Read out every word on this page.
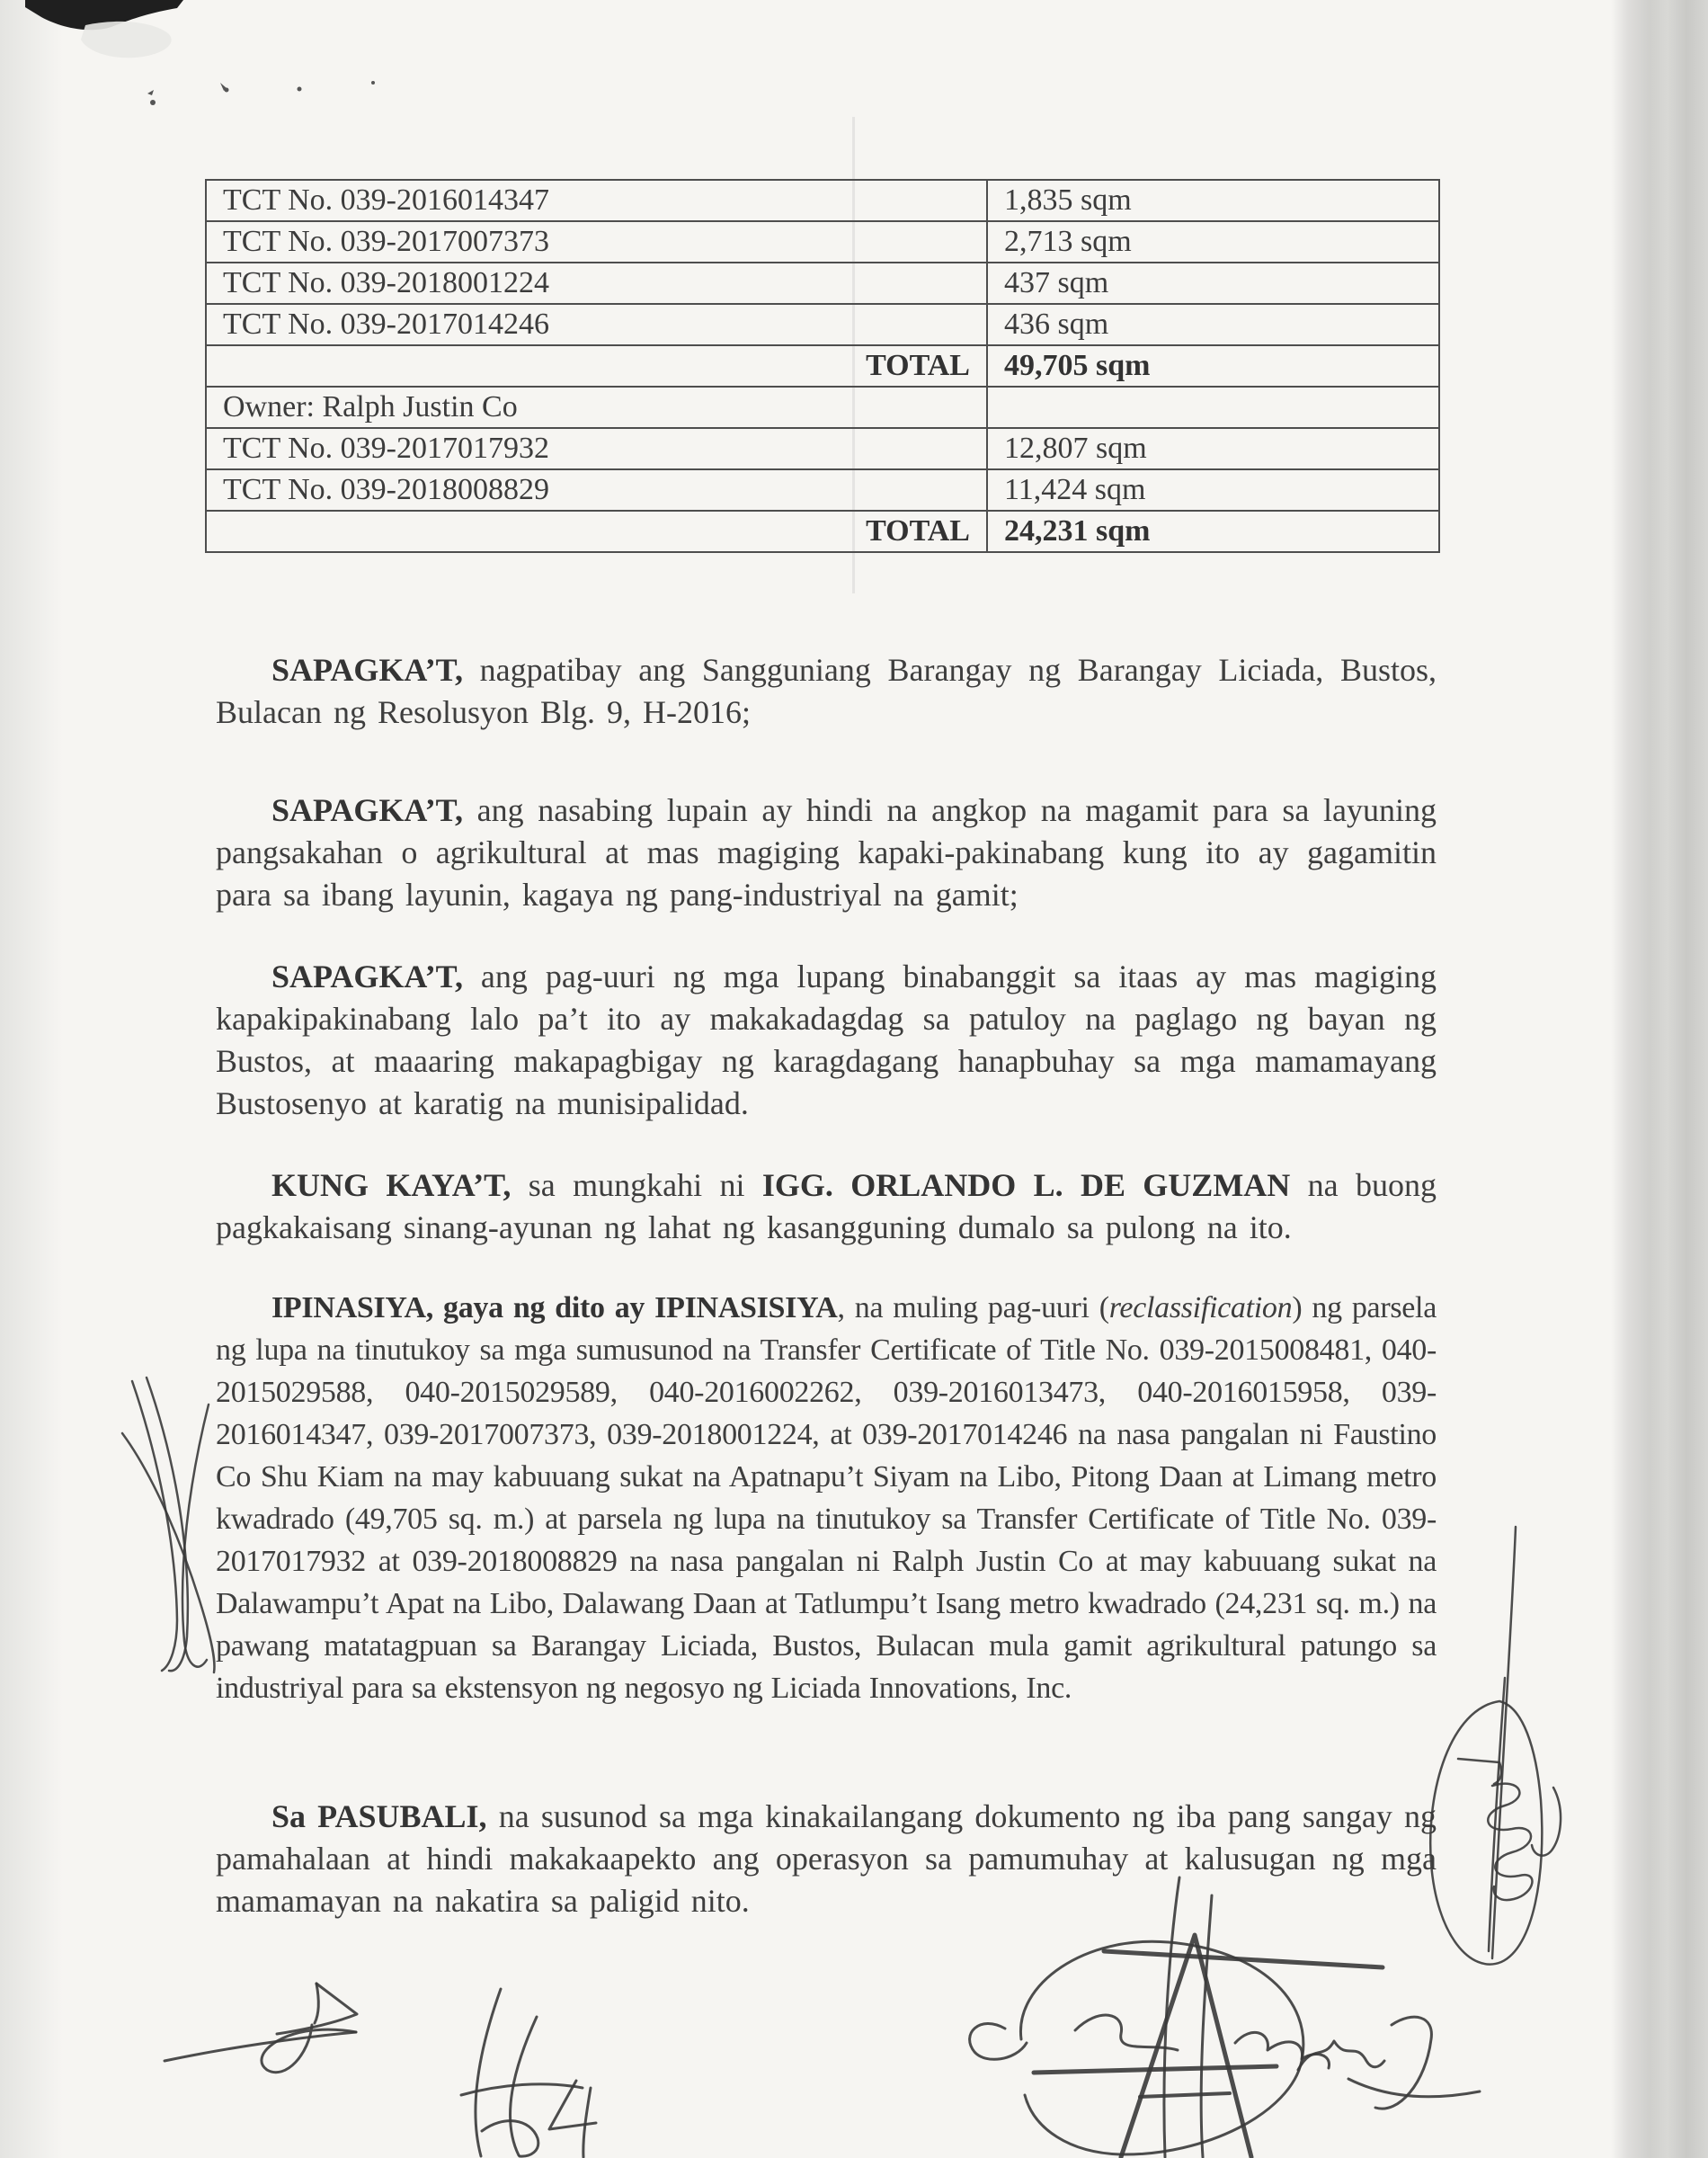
TCT No. 039-2016014347	1,835 sqm
TCT No. 039-2017007373	2,713 sqm
TCT No. 039-2018001224	437 sqm
TCT No. 039-2017014246	436 sqm
TOTAL	49,705 sqm
Owner: Ralph Justin Co	
TCT No. 039-2017017932	12,807 sqm
TCT No. 039-2018008829	11,424 sqm
TOTAL	24,231 sqm

SAPAGKA’T, nagpatibay ang Sangguniang Barangay ng Barangay Liciada, Bustos, Bulacan ng Resolusyon Blg. 9, H-2016;

SAPAGKA’T, ang nasabing lupain ay hindi na angkop na magamit para sa layuning pangsakahan o agrikultural at mas magiging kapaki-pakinabang kung ito ay gagamitin para sa ibang layunin, kagaya ng pang-industriyal na gamit;

SAPAGKA’T, ang pag-uuri ng mga lupang binabanggit sa itaas ay mas magiging kapakipakinabang lalo pa’t ito ay makakadagdag sa patuloy na paglago ng bayan ng Bustos, at maaaring makapagbigay ng karagdagang hanapbuhay sa mga mamamayang Bustosenyo at karatig na munisipalidad.

KUNG KAYA’T, sa mungkahi ni IGG. ORLANDO L. DE GUZMAN na buong pagkakaisang sinang-ayunan ng lahat ng kasangguning dumalo sa pulong na ito.

IPINASIYA, gaya ng dito ay IPINASISIYA, na muling pag-uuri (reclassification) ng parsela ng lupa na tinutukoy sa mga sumusunod na Transfer Certificate of Title No. 039-2015008481, 040-2015029588, 040-2015029589, 040-2016002262, 039-2016013473, 040-2016015958, 039-2016014347, 039-2017007373, 039-2018001224, at 039-2017014246 na nasa pangalan ni Faustino Co Shu Kiam na may kabuuang sukat na Apatnapu’t Siyam na Libo, Pitong Daan at Limang metro kwadrado (49,705 sq. m.) at parsela ng lupa na tinutukoy sa Transfer Certificate of Title No. 039-2017017932 at 039-2018008829 na nasa pangalan ni Ralph Justin Co at may kabuuang sukat na Dalawampu’t Apat na Libo, Dalawang Daan at Tatlumpu’t Isang metro kwadrado (24,231 sq. m.) na pawang matatagpuan sa Barangay Liciada, Bustos, Bulacan mula gamit agrikultural patungo sa industriyal para sa ekstensyon ng negosyo ng Liciada Innovations, Inc.

Sa PASUBALI, na susunod sa mga kinakailangang dokumento ng iba pang sangay ng pamahalaan at hindi makakaapekto ang operasyon sa pamumuhay at kalusugan ng mga mamamayan na nakatira sa paligid nito.
